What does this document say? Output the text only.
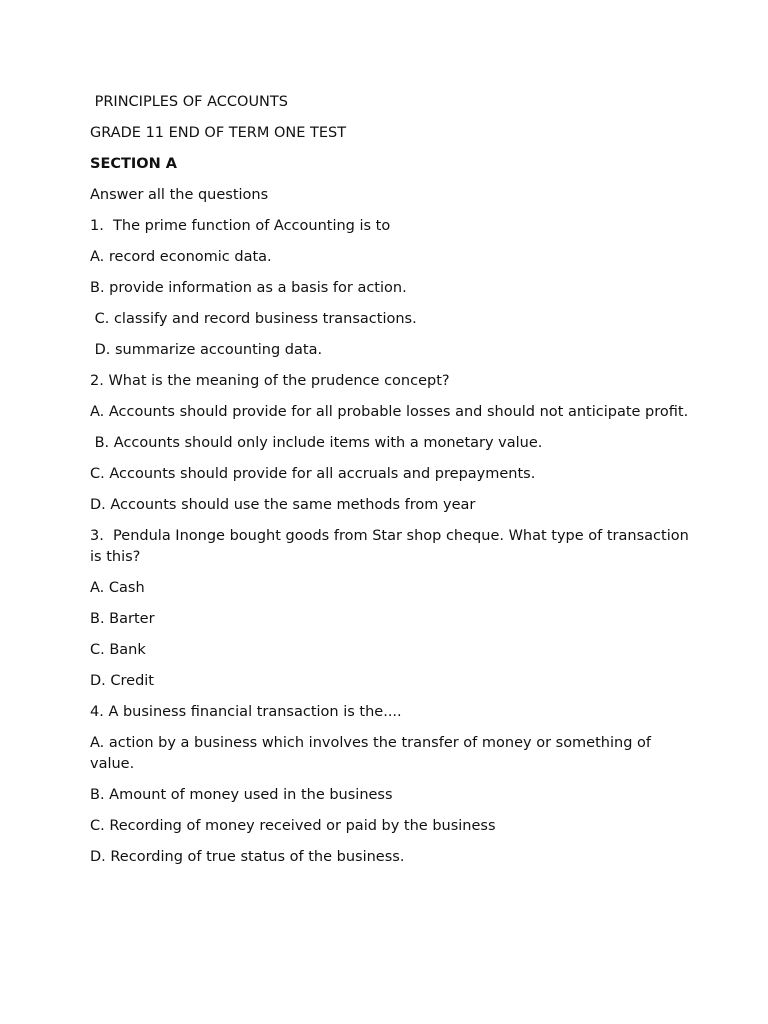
PRINCIPLES OF ACCOUNTS

GRADE 11 END OF TERM ONE TEST

SECTION A

Answer all the questions

1.  The prime function of Accounting is to

A. record economic data.

B. provide information as a basis for action.

C. classify and record business transactions.

D. summarize accounting data.

2. What is the meaning of the prudence concept?

A. Accounts should provide for all probable losses and should not anticipate profit.

B. Accounts should only include items with a monetary value.

C. Accounts should provide for all accruals and prepayments.

D. Accounts should use the same methods from year

3.  Pendula Inonge bought goods from Star shop cheque. What type of transaction is this?

A. Cash

B. Barter

C. Bank

D. Credit

4. A business financial transaction is the....

A. action by a business which involves the transfer of money or something of value.

B. Amount of money used in the business

C. Recording of money received or paid by the business

D. Recording of true status of the business.
